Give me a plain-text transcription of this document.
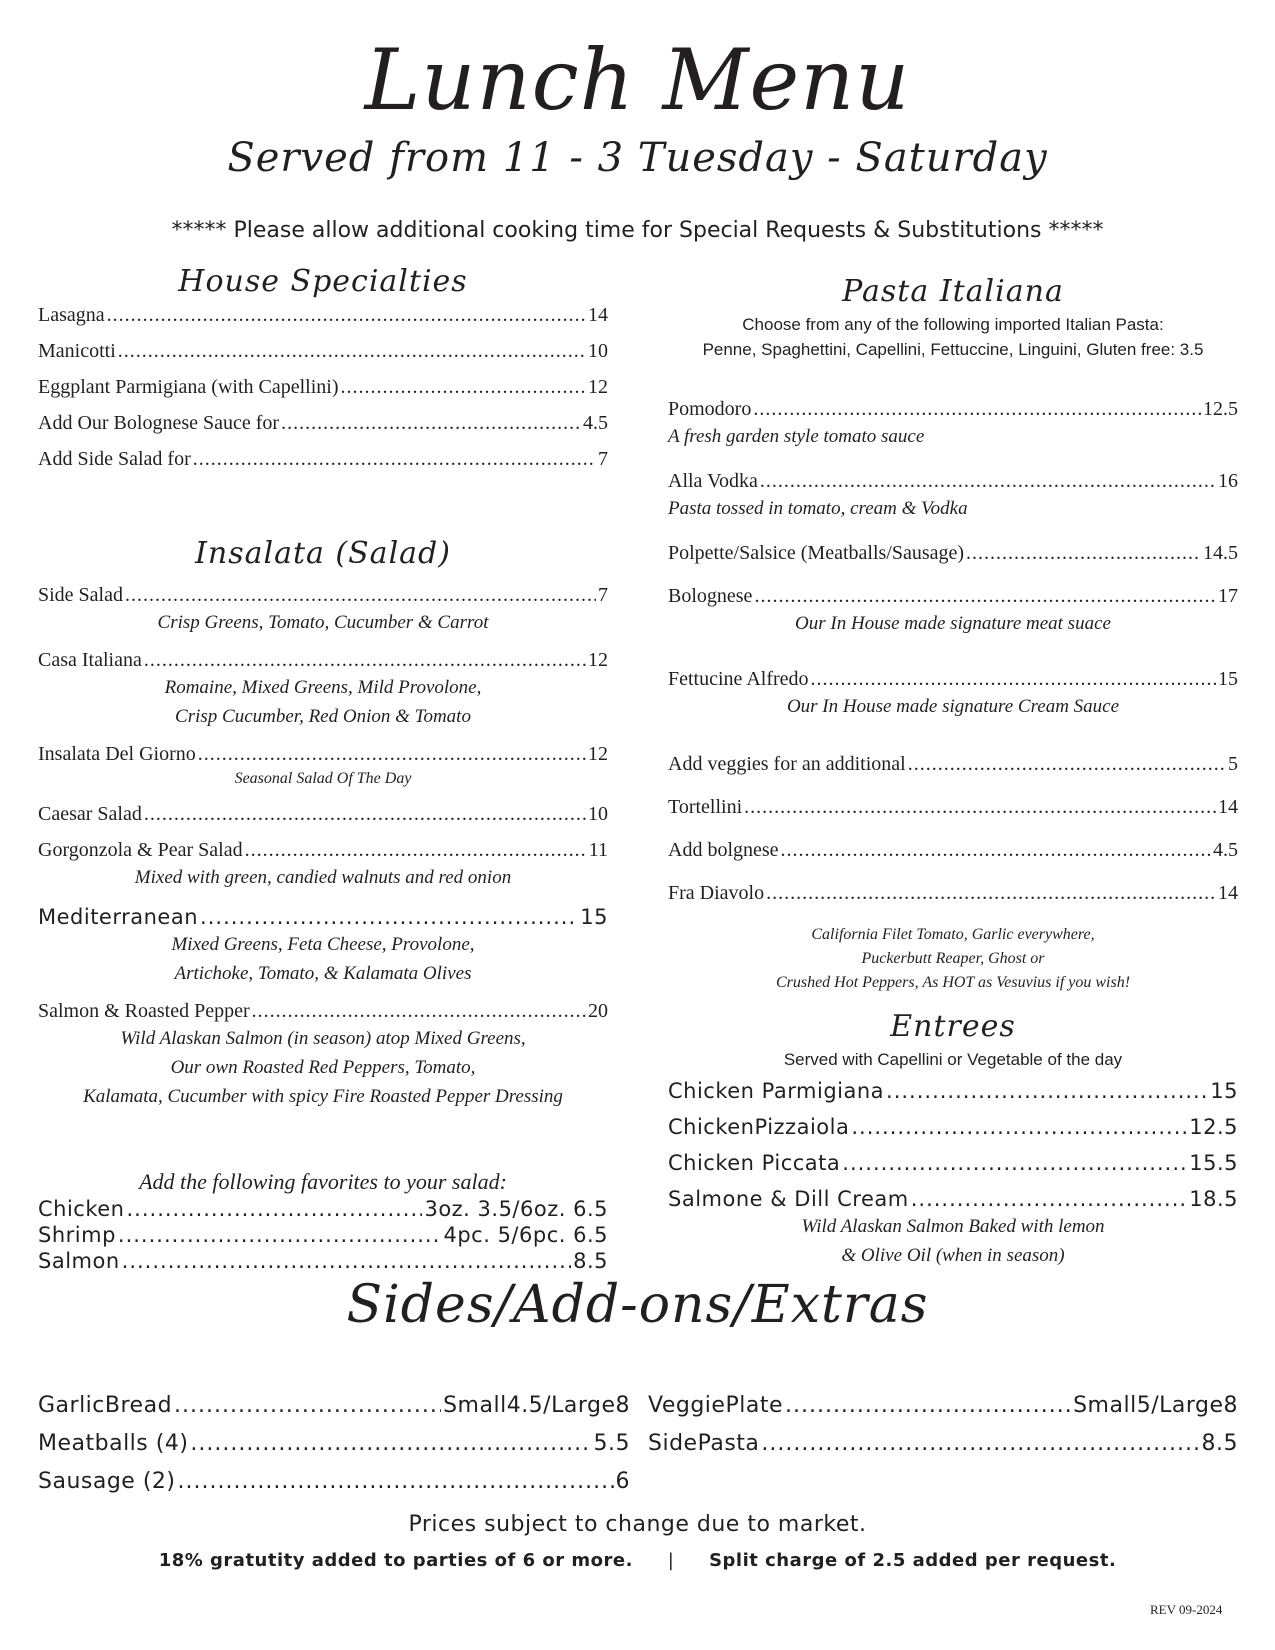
Lunch Menu
Served from 11 - 3 Tuesday - Saturday
***** Please allow additional cooking time for Special Requests & Substitutions *****
House Specialties
Lasagna .....	14
Manicotti .....	10
Eggplant Parmigiana (with Capellini) .....	12
Add Our Bolognese Sauce for .....	4.5
Add Side Salad for .....	7
Insalata (Salad)
Side Salad .....	7
Crisp Greens, Tomato, Cucumber & Carrot
Casa Italiana .....	12
Romaine, Mixed Greens, Mild Provolone,
Crisp Cucumber, Red Onion & Tomato
Insalata Del Giorno .....	12
Seasonal Salad Of The Day
Caesar Salad .....	10
Gorgonzola & Pear Salad .....	11
Mixed with green, candied walnuts and red onion
Mediterranean .....	15
Mixed Greens, Feta Cheese, Provolone,
Artichoke, Tomato, & Kalamata Olives
Salmon & Roasted Pepper .....	20
Wild Alaskan Salmon (in season) atop Mixed Greens,
Our own Roasted Red Peppers, Tomato,
Kalamata, Cucumber with spicy Fire Roasted Pepper Dressing
Add the following favorites to your salad:
Chicken .....	3oz. 3.5/6oz. 6.5
Shrimp .....	4pc. 5/6pc. 6.5
Salmon .....	8.5
Pasta Italiana
Choose from any of the following imported Italian Pasta:
Penne, Spaghettini, Capellini, Fettuccine, Linguini, Gluten free: 3.5
Pomodoro .....	12.5
A fresh garden style tomato sauce
Alla Vodka .....	16
Pasta tossed in tomato, cream & Vodka
Polpette/Salsice (Meatballs/Sausage) .....	14.5
Bolognese .....	17
Our In House made signature meat suace
Fettucine Alfredo .....	15
Our In House made signature Cream Sauce
Add veggies for an additional .....	5
Tortellini .....	14
Add bolgnese .....	4.5
Fra Diavolo .....	14
California Filet Tomato, Garlic everywhere,
Puckerbutt Reaper, Ghost or
Crushed Hot Peppers, As HOT as Vesuvius if you wish!
Entrees
Served with Capellini or Vegetable of the day
Chicken Parmigiana .....	15
ChickenPizzaiola .....	12.5
Chicken Piccata .....	15.5
Salmone & Dill Cream .....	18.5
Wild Alaskan Salmon Baked with lemon
& Olive Oil (when in season)
Sides/Add-ons/Extras
GarlicBread .....	Small4.5/Large8
Meatballs (4) .....	5.5
Sausage (2) .....	6
VeggiePlate .....	Small5/Large8
SidePasta .....	8.5
Prices subject to change due to market.
18% gratutity added to parties of 6 or more. | Split charge of 2.5 added per request.
REV 09-2024
